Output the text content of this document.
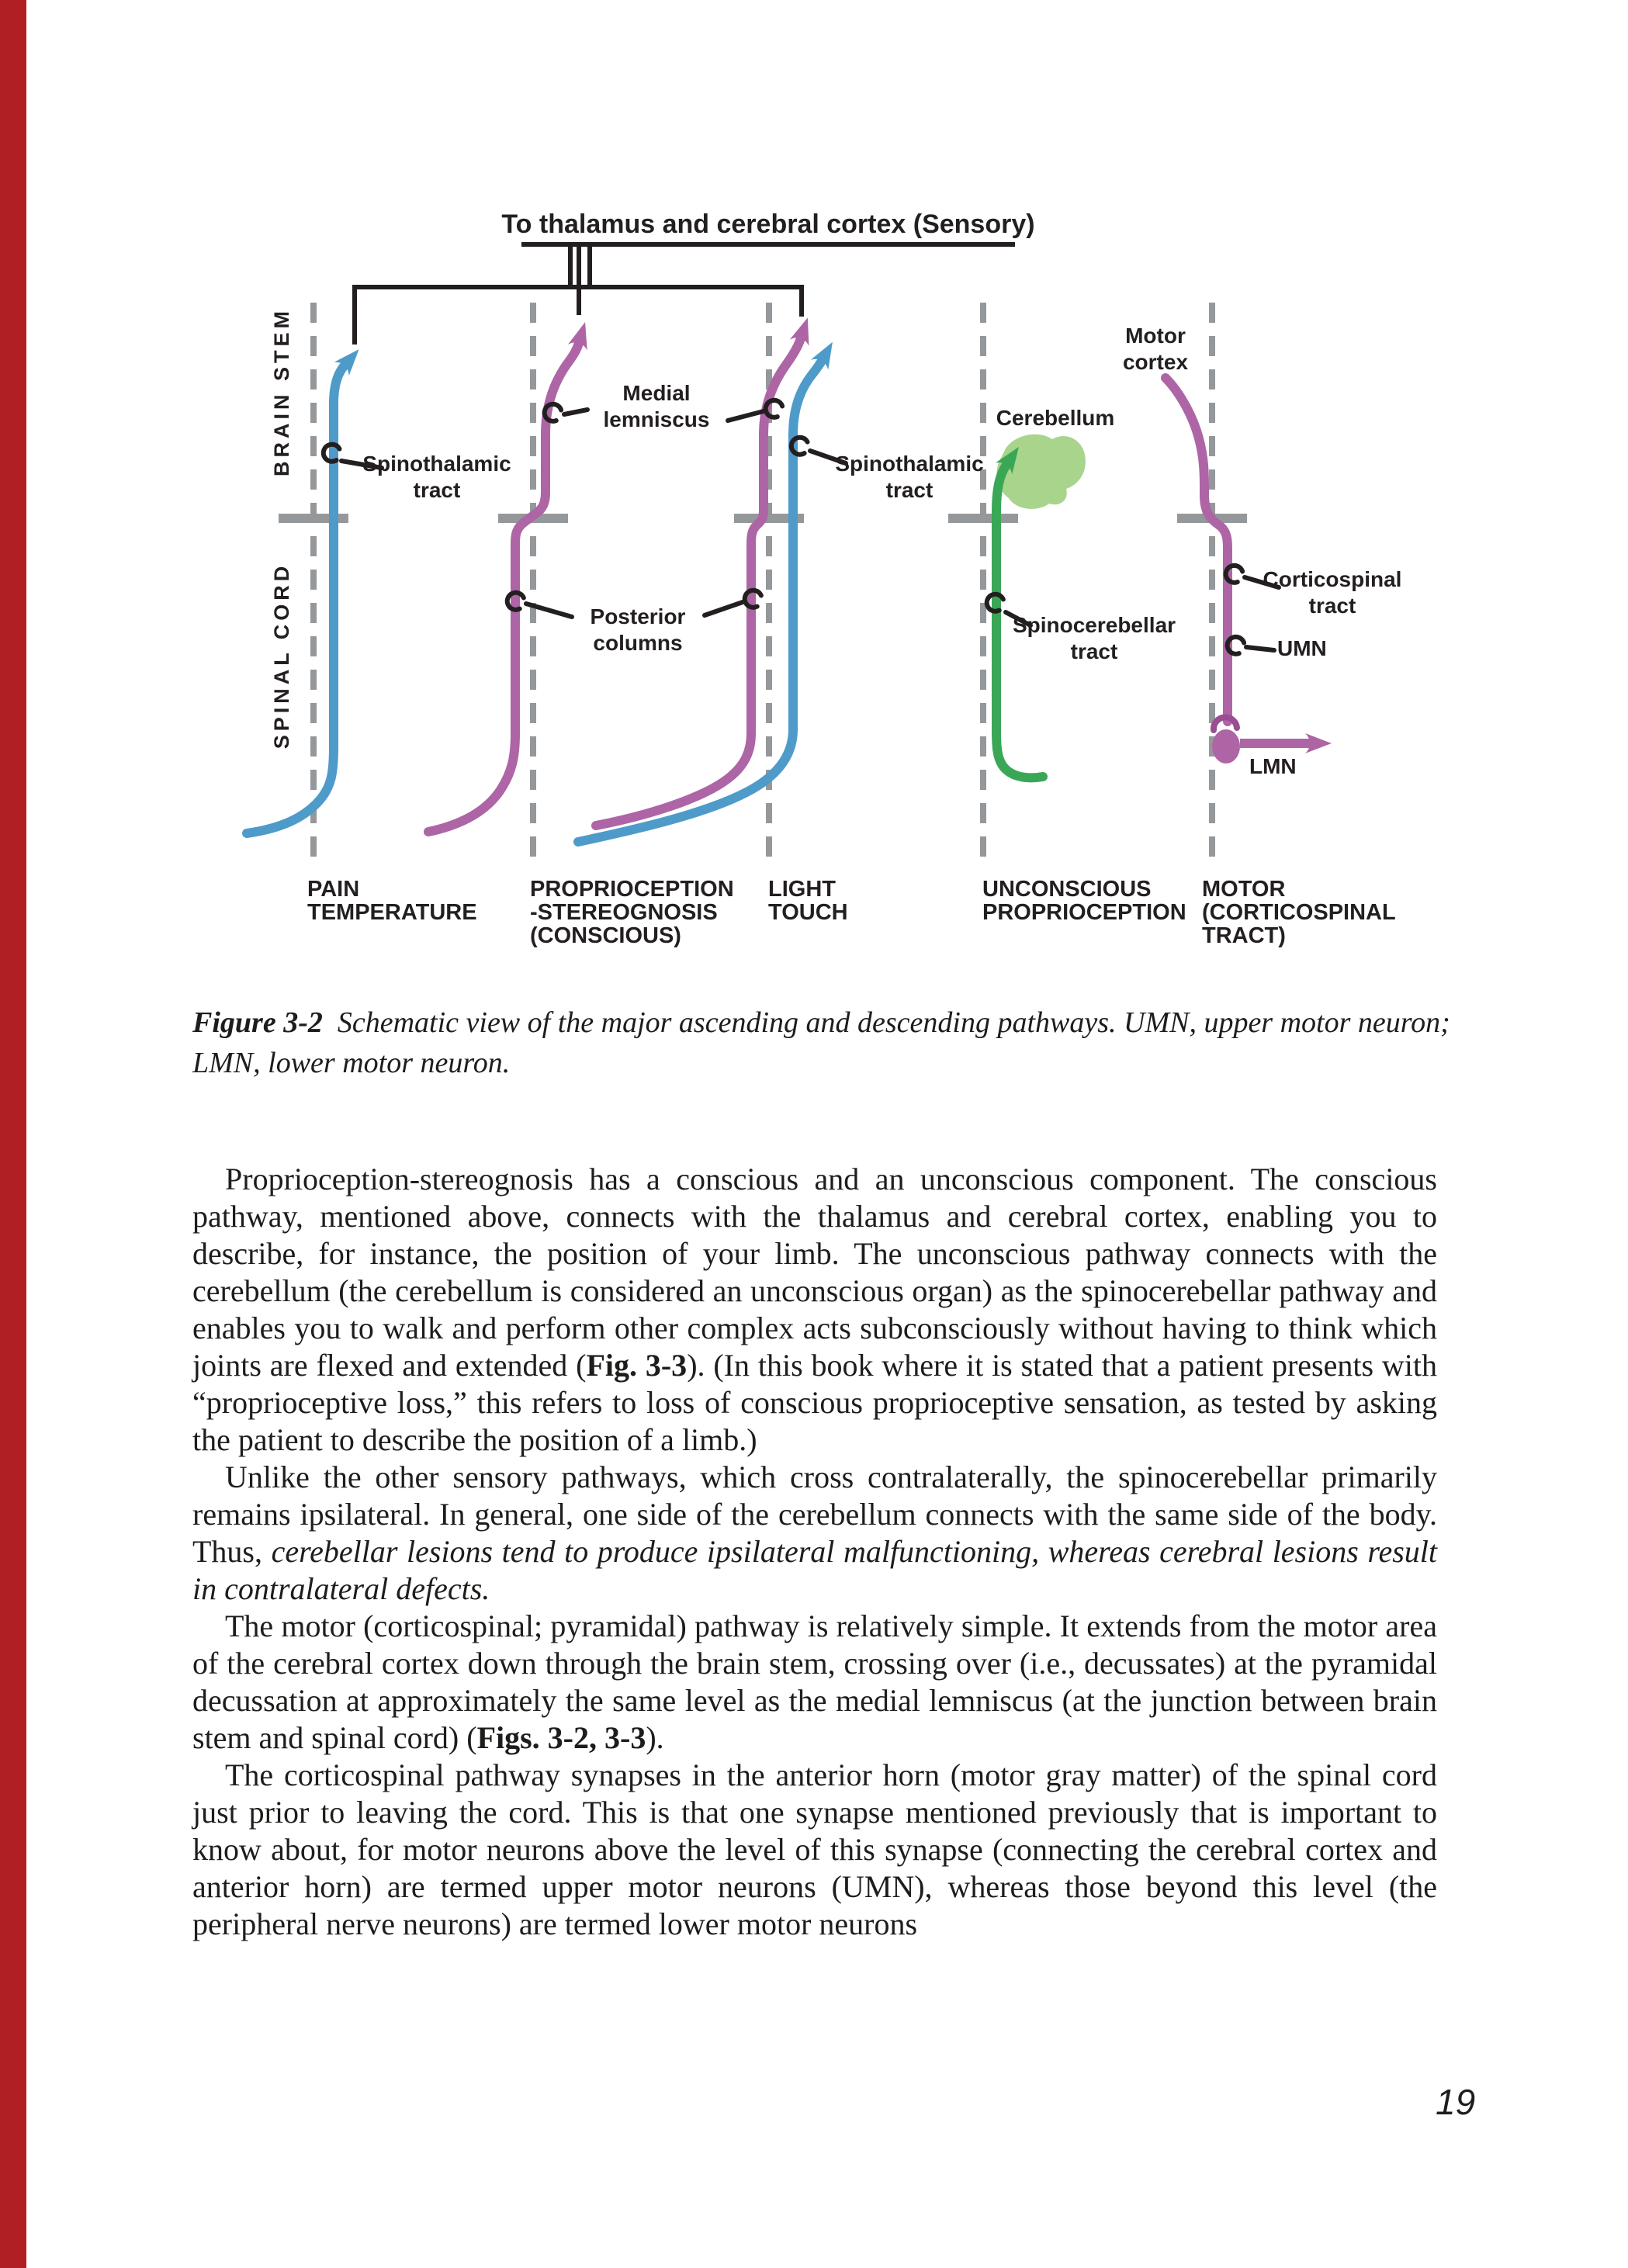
To thalamus and cerebral cortex (Sensory)
BRAIN STEM
SPINAL CORD
Spinothalamic
tract
Medial
lemniscus
Spinothalamic
tract
Posterior
columns
Cerebellum
Spinocerebellar
tract
Motor
cortex
Corticospinal
tract
UMN
LMN
PAIN
TEMPERATURE
PROPRIOCEPTION
-STEREOGNOSIS
(CONSCIOUS)
LIGHT
TOUCH
UNCONSCIOUS
PROPRIOCEPTION
MOTOR
(CORTICOSPINAL
TRACT)
Figure 3-2 Schematic view of the major ascending and descending pathways. UMN, upper motor neuron;
LMN, lower motor neuron.

Proprioception-stereognosis has a conscious and an unconscious component. The conscious pathway, mentioned above, connects with the thalamus and cerebral cortex, enabling you to describe, for instance, the position of your limb. The unconscious pathway connects with the cerebellum (the cerebellum is considered an unconscious organ) as the spinocerebellar pathway and enables you to walk and perform other complex acts subconsciously without having to think which joints are flexed and extended (Fig. 3-3). (In this book where it is stated that a patient presents with “proprioceptive loss,” this refers to loss of conscious proprioceptive sensation, as tested by asking the patient to describe the position of a limb.)

Unlike the other sensory pathways, which cross contralaterally, the spinocerebellar primarily remains ipsilateral. In general, one side of the cerebellum connects with the same side of the body. Thus, cerebellar lesions tend to produce ipsilateral malfunctioning, whereas cerebral lesions result in contralateral defects.

The motor (corticospinal; pyramidal) pathway is relatively simple. It extends from the motor area of the cerebral cortex down through the brain stem, crossing over (i.e., decussates) at the pyramidal decussation at approximately the same level as the medial lemniscus (at the junction between brain stem and spinal cord) (Figs. 3-2, 3-3).

The corticospinal pathway synapses in the anterior horn (motor gray matter) of the spinal cord just prior to leaving the cord. This is that one synapse mentioned previously that is important to know about, for motor neurons above the level of this synapse (connecting the cerebral cortex and anterior horn) are termed upper motor neurons (UMN), whereas those beyond this level (the peripheral nerve neurons) are termed lower motor neurons

19
